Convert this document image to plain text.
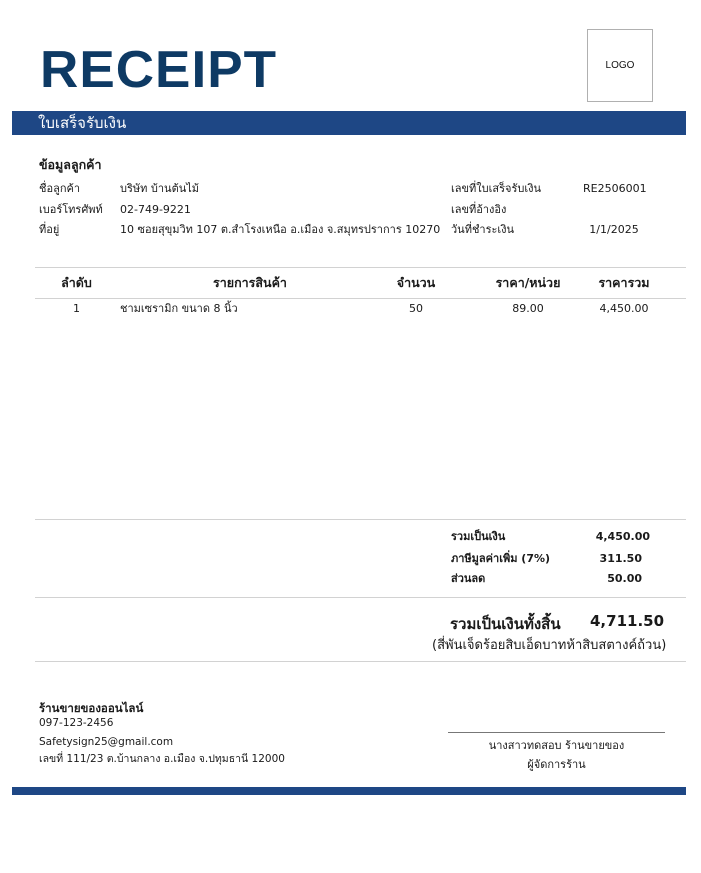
RECEIPT	LOGO
ใบเสร็จรับเงิน
ข้อมูลลูกค้า
ชื่อลูกค้า	บริษัท บ้านต้นไม้
เบอร์โทรศัพท์ 02-749-9221
ที่อยู่	10 ซอยสุขุมวิท 107 ต.สำโรงเหนือ อ.เมือง จ.สมุทรปราการ 10270
เลขที่ใบเสร็จรับเงิน	RE2506001
เลขที่อ้างอิง
วันที่ชำระเงิน	1/1/2025
ลำดับ	รายการสินค้า	จำนวน	ราคา/หน่วย	ราคารวม
1	ชามเซรามิก ขนาด 8 นิ้ว	50	89.00	4,450.00
รวมเป็นเงิน	4,450.00
ภาษีมูลค่าเพิ่ม (7%)	311.50
ส่วนลด	50.00
รวมเป็นเงินทั้งสิ้น 4,711.50
(สี่พันเจ็ดร้อยสิบเอ็ดบาทห้าสิบสตางค์ถ้วน)
ร้านขายของออนไลน์
097-123-2456
Safetysign25@gmail.com
เลขที่ 111/23 ต.บ้านกลาง อ.เมือง จ.ปทุมธานี 12000
นางสาวทดสอบ ร้านขายของ
ผู้จัดการร้าน
